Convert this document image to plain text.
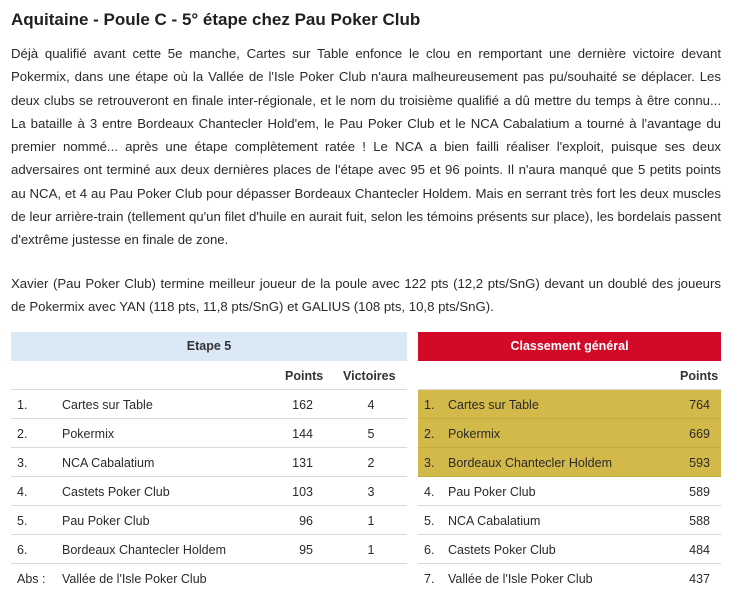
Aquitaine - Poule C - 5° étape chez Pau Poker Club

Déjà qualifié avant cette 5e manche, Cartes sur Table enfonce le clou en remportant une dernière victoire devant Pokermix, dans une étape où la Vallée de l'Isle Poker Club n'aura malheureusement pas pu/souhaité se déplacer. Les deux clubs se retrouveront en finale inter-régionale, et le nom du troisième qualifié a dû mettre du temps à être connu... La bataille à 3 entre Bordeaux Chantecler Hold'em, le Pau Poker Club et le NCA Cabalatium a tourné à l'avantage du premier nommé... après une étape complètement ratée ! Le NCA a bien failli réaliser l'exploit, puisque ses deux adversaires ont terminé aux deux dernières places de l'étape avec 95 et 96 points. Il n'aura manqué que 5 petits points au NCA, et 4 au Pau Poker Club pour dépasser Bordeaux Chantecler Holdem. Mais en serrant très fort les deux muscles de leur arrière-train (tellement qu'un filet d'huile en aurait fuit, selon les témoins présents sur place), les bordelais passent d'extrême justesse en finale de zone.

Xavier (Pau Poker Club) termine meilleur joueur de la poule avec 122 pts (12,2 pts/SnG) devant un doublé des joueurs de Pokermix avec YAN (118 pts, 11,8 pts/SnG) et GALIUS (108 pts, 10,8 pts/SnG).

Etape 5
Points Victoires
1.	Cartes sur Table	162	4
2.	Pokermix	144	5
3.	NCA Cabalatium	131	2
4.	Castets Poker Club	103	3
5.	Pau Poker Club	96	1
6.	Bordeaux Chantecler Holdem	95	1
Abs : Vallée de l'Isle Poker Club
Classement général
Points
1. Cartes sur Table	764
2. Pokermix	669
3. Bordeaux Chantecler Holdem	593
4. Pau Poker Club	589
5. NCA Cabalatium	588
6. Castets Poker Club	484
7. Vallée de l'Isle Poker Club	437
